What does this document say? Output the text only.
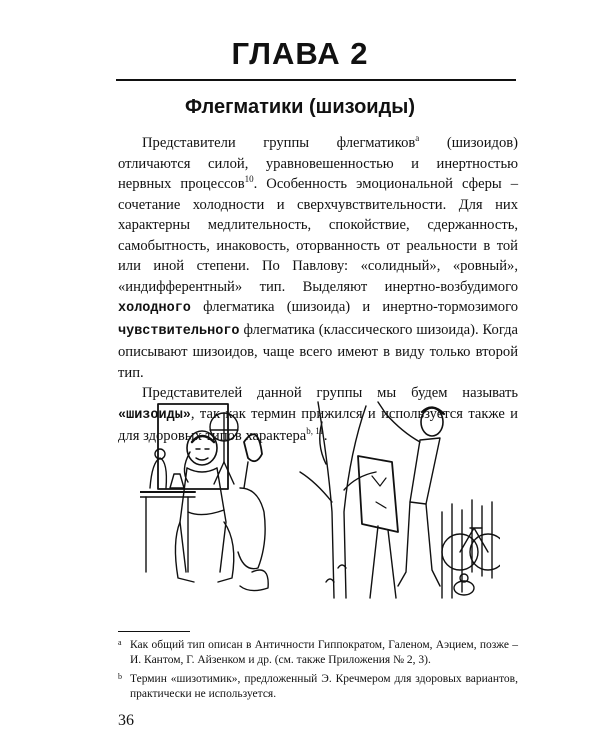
ГЛАВА 2
Флегматики (шизоиды)

Представители группы флегматиков$^a$ (шизоидов) отличаются силой, уравновешенностью и инертностью нервных процессов$^{10}$. Особенность эмоциональной сферы – сочетание холодности и сверхчувствительности. Для них характерны медлительность, спокойствие, сдержанность, самобытность, инаковость, оторванность от реальности в той или иной степени. По Павлову: «солидный», «ровный», «индифферентный» тип. Выделяют инертно-возбудимого холодного флегматика (шизоида) и инертно-тормозимого чувствительного флегматика (классического шизоида). Когда описывают шизоидов, чаще всего имеют в виду только второй тип.

Представителей данной группы мы будем называть «шизоиды», так как термин прижился и используется также и для здоровых типов характера$^{b, 11}$.

a Как общий тип описан в Античности Гиппократом, Галеном, Аэцием, позже – И. Кантом, Г. Айзенком и др. (см. также Приложения № 2, 3).
b Термин «шизотимик», предложенный Э. Кречмером для здоровых вариантов, практически не используется.
36
